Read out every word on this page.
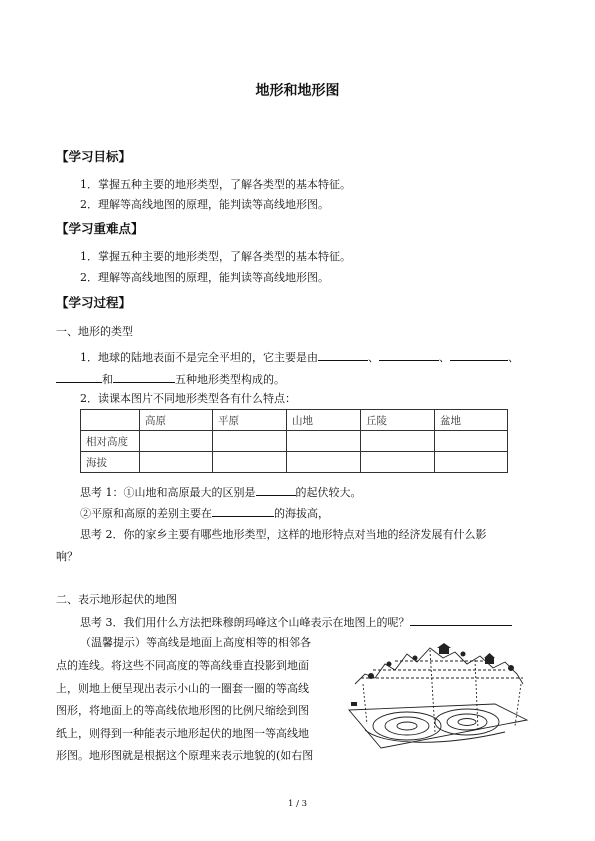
地形和地形图
【学习目标】
1．掌握五种主要的地形类型，了解各类型的基本特征。
2．理解等高线地图的原理，能判读等高线地形图。
【学习重难点】
1．掌握五种主要的地形类型，了解各类型的基本特征。
2．理解等高线地图的原理，能判读等高线地形图。
【学习过程】
一、地形的类型
1．地球的陆地表面不是完全平坦的，它主要是由	、	、	、
和	五种地形类型构成的。
2．读课本图片不同地形类型各有什么特点：
	高原	平原	山地	丘陵	盆地
相对高度					
海拔					
思考 1：①山地和高原最大的区别是	的起伏较大。
②平原和高原的差别主要在	的海拔高，
思考 2．你的家乡主要有哪些地形类型，这样的地形特点对当地的经济发展有什么影
响？
二、表示地形起伏的地图
思考 3．我们用什么方法把珠穆朗玛峰这个山峰表示在地图上的呢？
（温馨提示）等高线是地面上高度相等的相邻各
点的连线。将这些不同高度的等高线垂直投影到地面
上，则地上便呈现出表示小山的一圈套一圈的等高线
图形，将地面上的等高线依地形图的比例尺缩绘到图
纸上，则得到一种能表示地形起伏的地图一等高线地
形图。地形图就是根据这个原理来表示地貌的(如右图
1 / 3
